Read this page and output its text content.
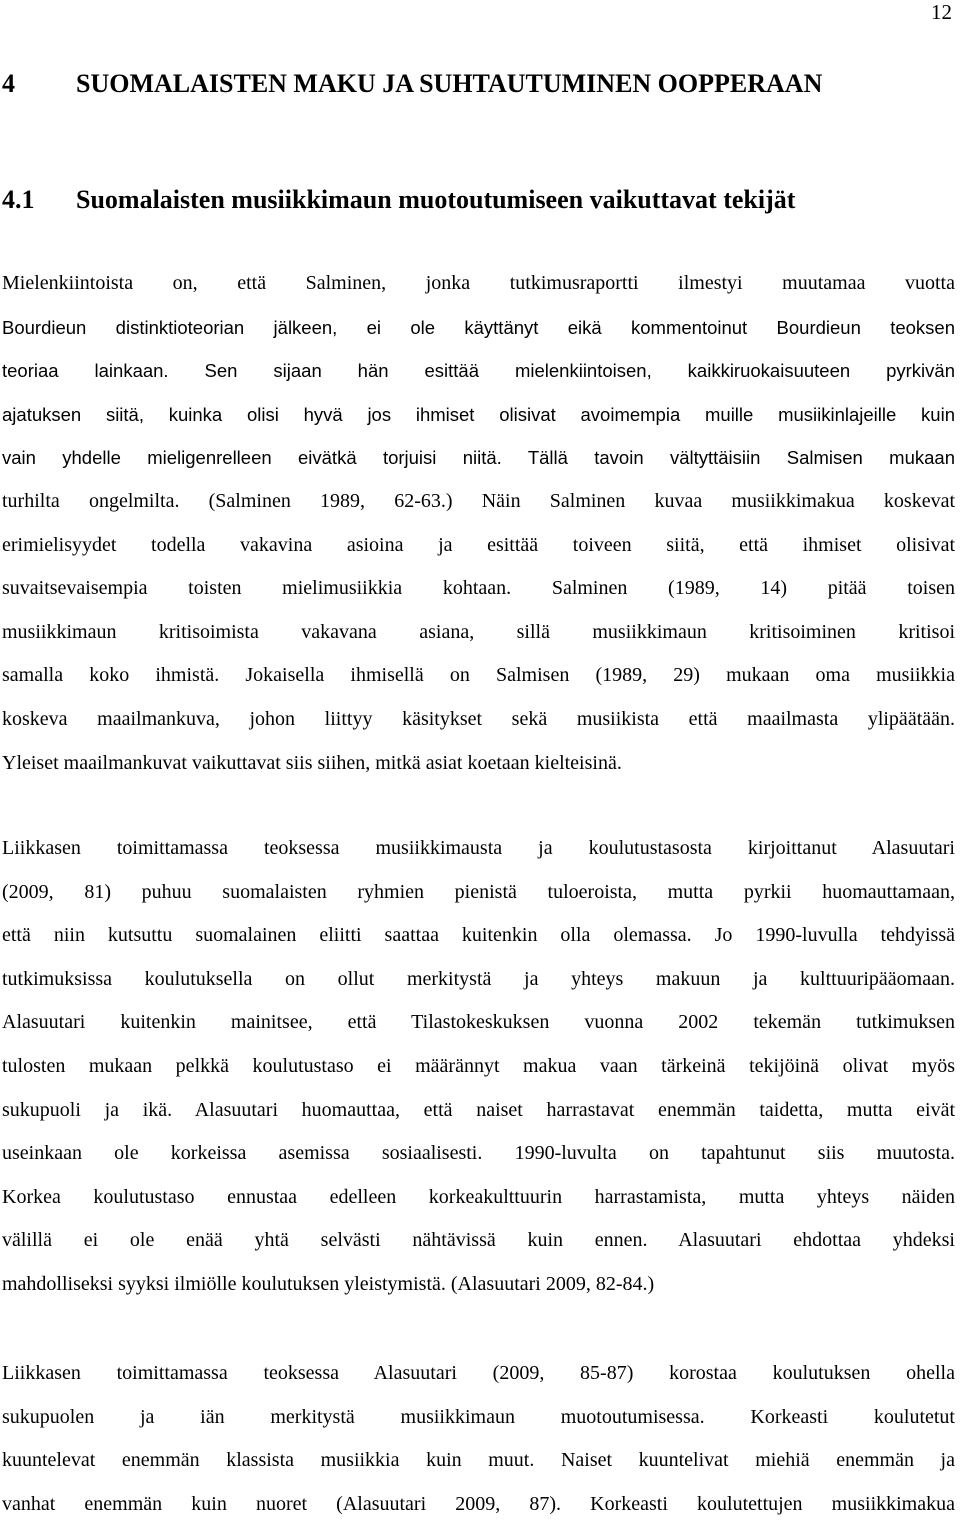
12
4 SUOMALAISTEN MAKU JA SUHTAUTUMINEN OOPPERAAN
4.1 Suomalaisten musiikkimaun muotoutumiseen vaikuttavat tekijät
Mielenkiintoista on, että Salminen, jonka tutkimusraportti ilmestyi muutamaa vuotta
Bourdieun distinktioteorian jälkeen, ei ole käyttänyt eikä kommentoinut Bourdieun teoksen
teoriaa lainkaan. Sen sijaan hän esittää mielenkiintoisen, kaikkiruokaisuuteen pyrkivän
ajatuksen siitä, kuinka olisi hyvä jos ihmiset olisivat avoimempia muille musiikinlajeille kuin
vain yhdelle mieligenrelleen eivätkä torjuisi niitä. Tällä tavoin vältyttäisiin Salmisen mukaan
turhilta ongelmilta. (Salminen 1989, 62-63.) Näin Salminen kuvaa musiikkimakua koskevat
erimielisyydet todella vakavina asioina ja esittää toiveen siitä, että ihmiset olisivat
suvaitsevaisempia toisten mielimusiikkia kohtaan. Salminen (1989, 14) pitää toisen
musiikkimaun kritisoimista vakavana asiana, sillä musiikkimaun kritisoiminen kritisoi
samalla koko ihmistä. Jokaisella ihmisellä on Salmisen (1989, 29) mukaan oma musiikkia
koskeva maailmankuva, johon liittyy käsitykset sekä musiikista että maailmasta ylipäätään.
Yleiset maailmankuvat vaikuttavat siis siihen, mitkä asiat koetaan kielteisinä.
Liikkasen toimittamassa teoksessa musiikkimausta ja koulutustasosta kirjoittanut Alasuutari
(2009, 81) puhuu suomalaisten ryhmien pienistä tuloeroista, mutta pyrkii huomauttamaan,
että niin kutsuttu suomalainen eliitti saattaa kuitenkin olla olemassa. Jo 1990-luvulla tehdyissä
tutkimuksissa koulutuksella on ollut merkitystä ja yhteys makuun ja kulttuuripääomaan.
Alasuutari kuitenkin mainitsee, että Tilastokeskuksen vuonna 2002 tekemän tutkimuksen
tulosten mukaan pelkkä koulutustaso ei määrännyt makua vaan tärkeinä tekijöinä olivat myös
sukupuoli ja ikä. Alasuutari huomauttaa, että naiset harrastavat enemmän taidetta, mutta eivät
useinkaan ole korkeissa asemissa sosiaalisesti. 1990-luvulta on tapahtunut siis muutosta.
Korkea koulutustaso ennustaa edelleen korkeakulttuurin harrastamista, mutta yhteys näiden
välillä ei ole enää yhtä selvästi nähtävissä kuin ennen. Alasuutari ehdottaa yhdeksi
mahdolliseksi syyksi ilmiölle koulutuksen yleistymistä. (Alasuutari 2009, 82-84.)
Liikkasen toimittamassa teoksessa Alasuutari (2009, 85-87) korostaa koulutuksen ohella
sukupuolen ja iän merkitystä musiikkimaun muotoutumisessa. Korkeasti koulutetut
kuuntelevat enemmän klassista musiikkia kuin muut. Naiset kuuntelivat miehiä enemmän ja
vanhat enemmän kuin nuoret (Alasuutari 2009, 87). Korkeasti koulutettujen musiikkimakua
